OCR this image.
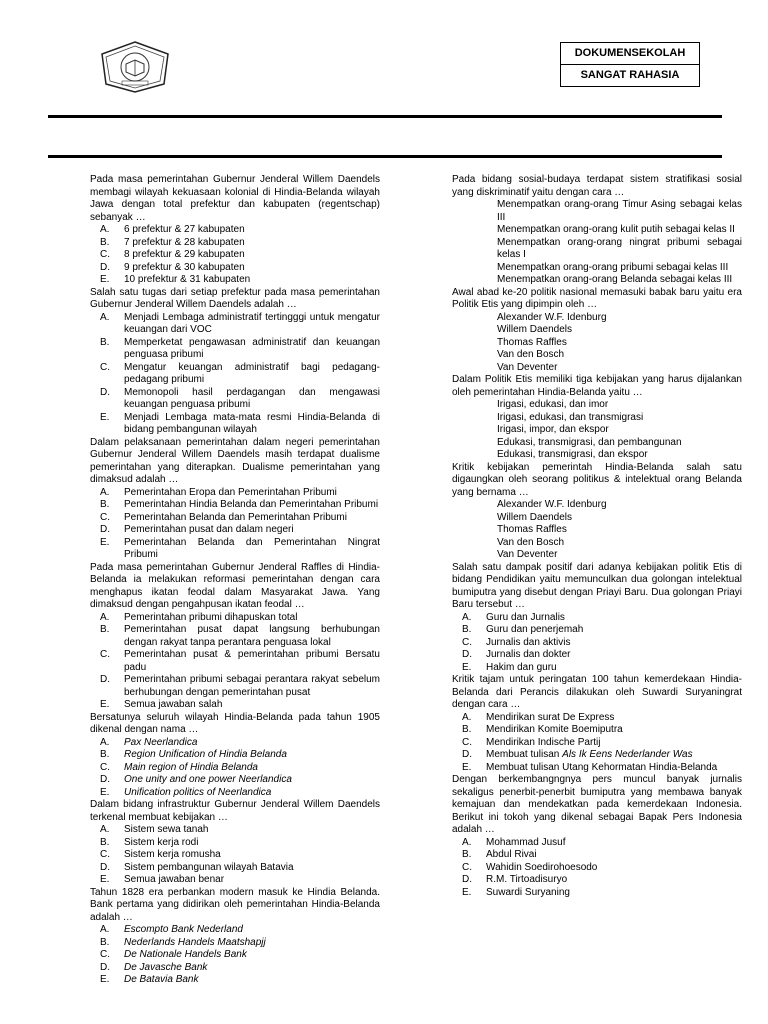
DOKUMENSEKOLAH
SANGAT RAHASIA
Pada masa pemerintahan Gubernur Jenderal Willem Daendels membagi wilayah kekuasaan kolonial di Hindia-Belanda wilayah Jawa dengan total prefektur dan kabupaten (regentschap) sebanyak …
A.	6 prefektur & 27 kabupaten
B.	7 prefektur & 28 kabupaten
C.	8 prefektur & 29 kabupaten
D.	9 prefektur & 30 kabupaten
E.	10 prefektur & 31 kabupaten
Salah satu tugas dari setiap prefektur pada masa pemerintahan Gubernur Jenderal Willem Daendels adalah …
A.	Menjadi Lembaga administratif tertingggi untuk mengatur keuangan dari VOC
B.	Memperketat pengawasan administratif dan keuangan penguasa pribumi
C.	Mengatur keuangan administratif bagi pedagang-pedagang pribumi
D.	Memonopoli hasil perdagangan dan mengawasi keuangan penguasa pribumi
E.	Menjadi Lembaga mata-mata resmi Hindia-Belanda di bidang pembangunan wilayah
Dalam pelaksanaan pemerintahan dalam negeri pemerintahan Gubernur Jenderal Willem Daendels masih terdapat dualisme pemerintahan yang diterapkan. Dualisme pemerintahan yang dimaksud adalah …
A.	Pemerintahan Eropa dan Pemerintahan Pribumi
B.	Pemerintahan Hindia Belanda dan Pemerintahan Pribumi
C.	Pemerintahan Belanda dan Pemerintahan Pribumi
D.	Pemerintahan pusat dan dalam negeri
E.	Pemerintahan Belanda dan Pemerintahan Ningrat Pribumi
Pada masa pemerintahan Gubernur Jenderal Raffles di Hindia-Belanda ia melakukan reformasi pemerintahan dengan cara menghapus ikatan feodal dalam Masyarakat Jawa. Yang dimaksud dengan pengahpusan ikatan feodal …
A.	Pemerintahan pribumi dihapuskan total
B.	Pemerintahan pusat dapat langsung berhubungan dengan rakyat tanpa perantara penguasa lokal
C.	Pemerintahan pusat & pemerintahan pribumi Bersatu padu
D.	Pemerintahan pribumi sebagai perantara rakyat sebelum berhubungan dengan pemerintahan pusat
E.	Semua jawaban salah
Bersatunya seluruh wilayah Hindia-Belanda pada tahun 1905 dikenal dengan nama …
A.	Pax Neerlandica
B.	Region Unification of Hindia Belanda
C.	Main region of Hindia Belanda
D.	One unity and one power Neerlandica
E.	Unification politics of Neerlandica
Dalam bidang infrastruktur Gubernur Jenderal Willem Daendels terkenal membuat kebijakan …
A.	Sistem sewa tanah
B.	Sistem kerja rodi
C.	Sistem kerja romusha
D.	Sistem pembangunan wilayah Batavia
E.	Semua jawaban benar
Tahun 1828 era perbankan modern masuk ke Hindia Belanda. Bank pertama yang didirikan oleh pemerintahan Hindia-Belanda adalah …
A.	Escompto Bank Nederland
B.	Nederlands Handels Maatshapjj
C.	De Nationale Handels Bank
D.	De Javasche Bank
E.	De Batavia Bank
Pada bidang sosial-budaya terdapat sistem stratifikasi sosial yang diskriminatif yaitu dengan cara …
Menempatkan orang-orang Timur Asing sebagai kelas III
Menempatkan orang-orang kulit putih sebagai kelas II
Menempatkan orang-orang ningrat pribumi sebagai kelas I
Menempatkan orang-orang pribumi sebagai kelas III
Menempatkan orang-orang Belanda sebagai kelas III
Awal abad ke-20 politik nasional memasuki babak baru yaitu era Politik Etis yang dipimpin oleh …
Alexander W.F. Idenburg
Willem Daendels
Thomas Raffles
Van den Bosch
Van Deventer
Dalam Politik Etis memiliki tiga kebijakan yang harus dijalankan oleh pemerintahan Hindia-Belanda yaitu …
Irigasi, edukasi, dan imor
Irigasi, edukasi, dan transmigrasi
Irigasi, impor, dan ekspor
Edukasi, transmigrasi, dan pembangunan
Edukasi, transmigrasi, dan ekspor
Kritik kebijakan pemerintah Hindia-Belanda salah satu digaungkan oleh seorang politikus & intelektual orang Belanda yang bernama …
Alexander W.F. Idenburg
Willem Daendels
Thomas Raffles
Van den Bosch
Van Deventer
Salah satu dampak positif dari adanya kebijakan politik Etis di bidang Pendidikan yaitu memunculkan dua golongan intelektual bumiputra yang disebut dengan Priayi Baru. Dua golongan Priayi Baru tersebut …
A.	Guru dan Jurnalis
B.	Guru dan penerjemah
C.	Jurnalis dan aktivis
D.	Jurnalis dan dokter
E.	Hakim dan guru
Kritik tajam untuk peringatan 100 tahun kemerdekaan Hindia-Belanda dari Perancis dilakukan oleh Suwardi Suryaningrat dengan cara …
A.	Mendirikan surat De Express
B.	Mendirikan Komite Boemiputra
C.	Mendirikan Indische Partij
D.	Membuat tulisan Als Ik Eens Nederlander Was
E.	Membuat tulisan Utang Kehormatan Hindia-Belanda
Dengan berkembangngnya pers muncul banyak jurnalis sekaligus penerbit-penerbit bumiputra yang membawa banyak kemajuan dan mendekatkan pada kemerdekaan Indonesia. Berikut ini tokoh yang dikenal sebagai Bapak Pers Indonesia adalah …
A.	Mohammad Jusuf
B.	Abdul Rivai
C.	Wahidin Soedirohoesodo
D.	R.M. Tirtoadisuryo
E.	Suwardi Suryaning
